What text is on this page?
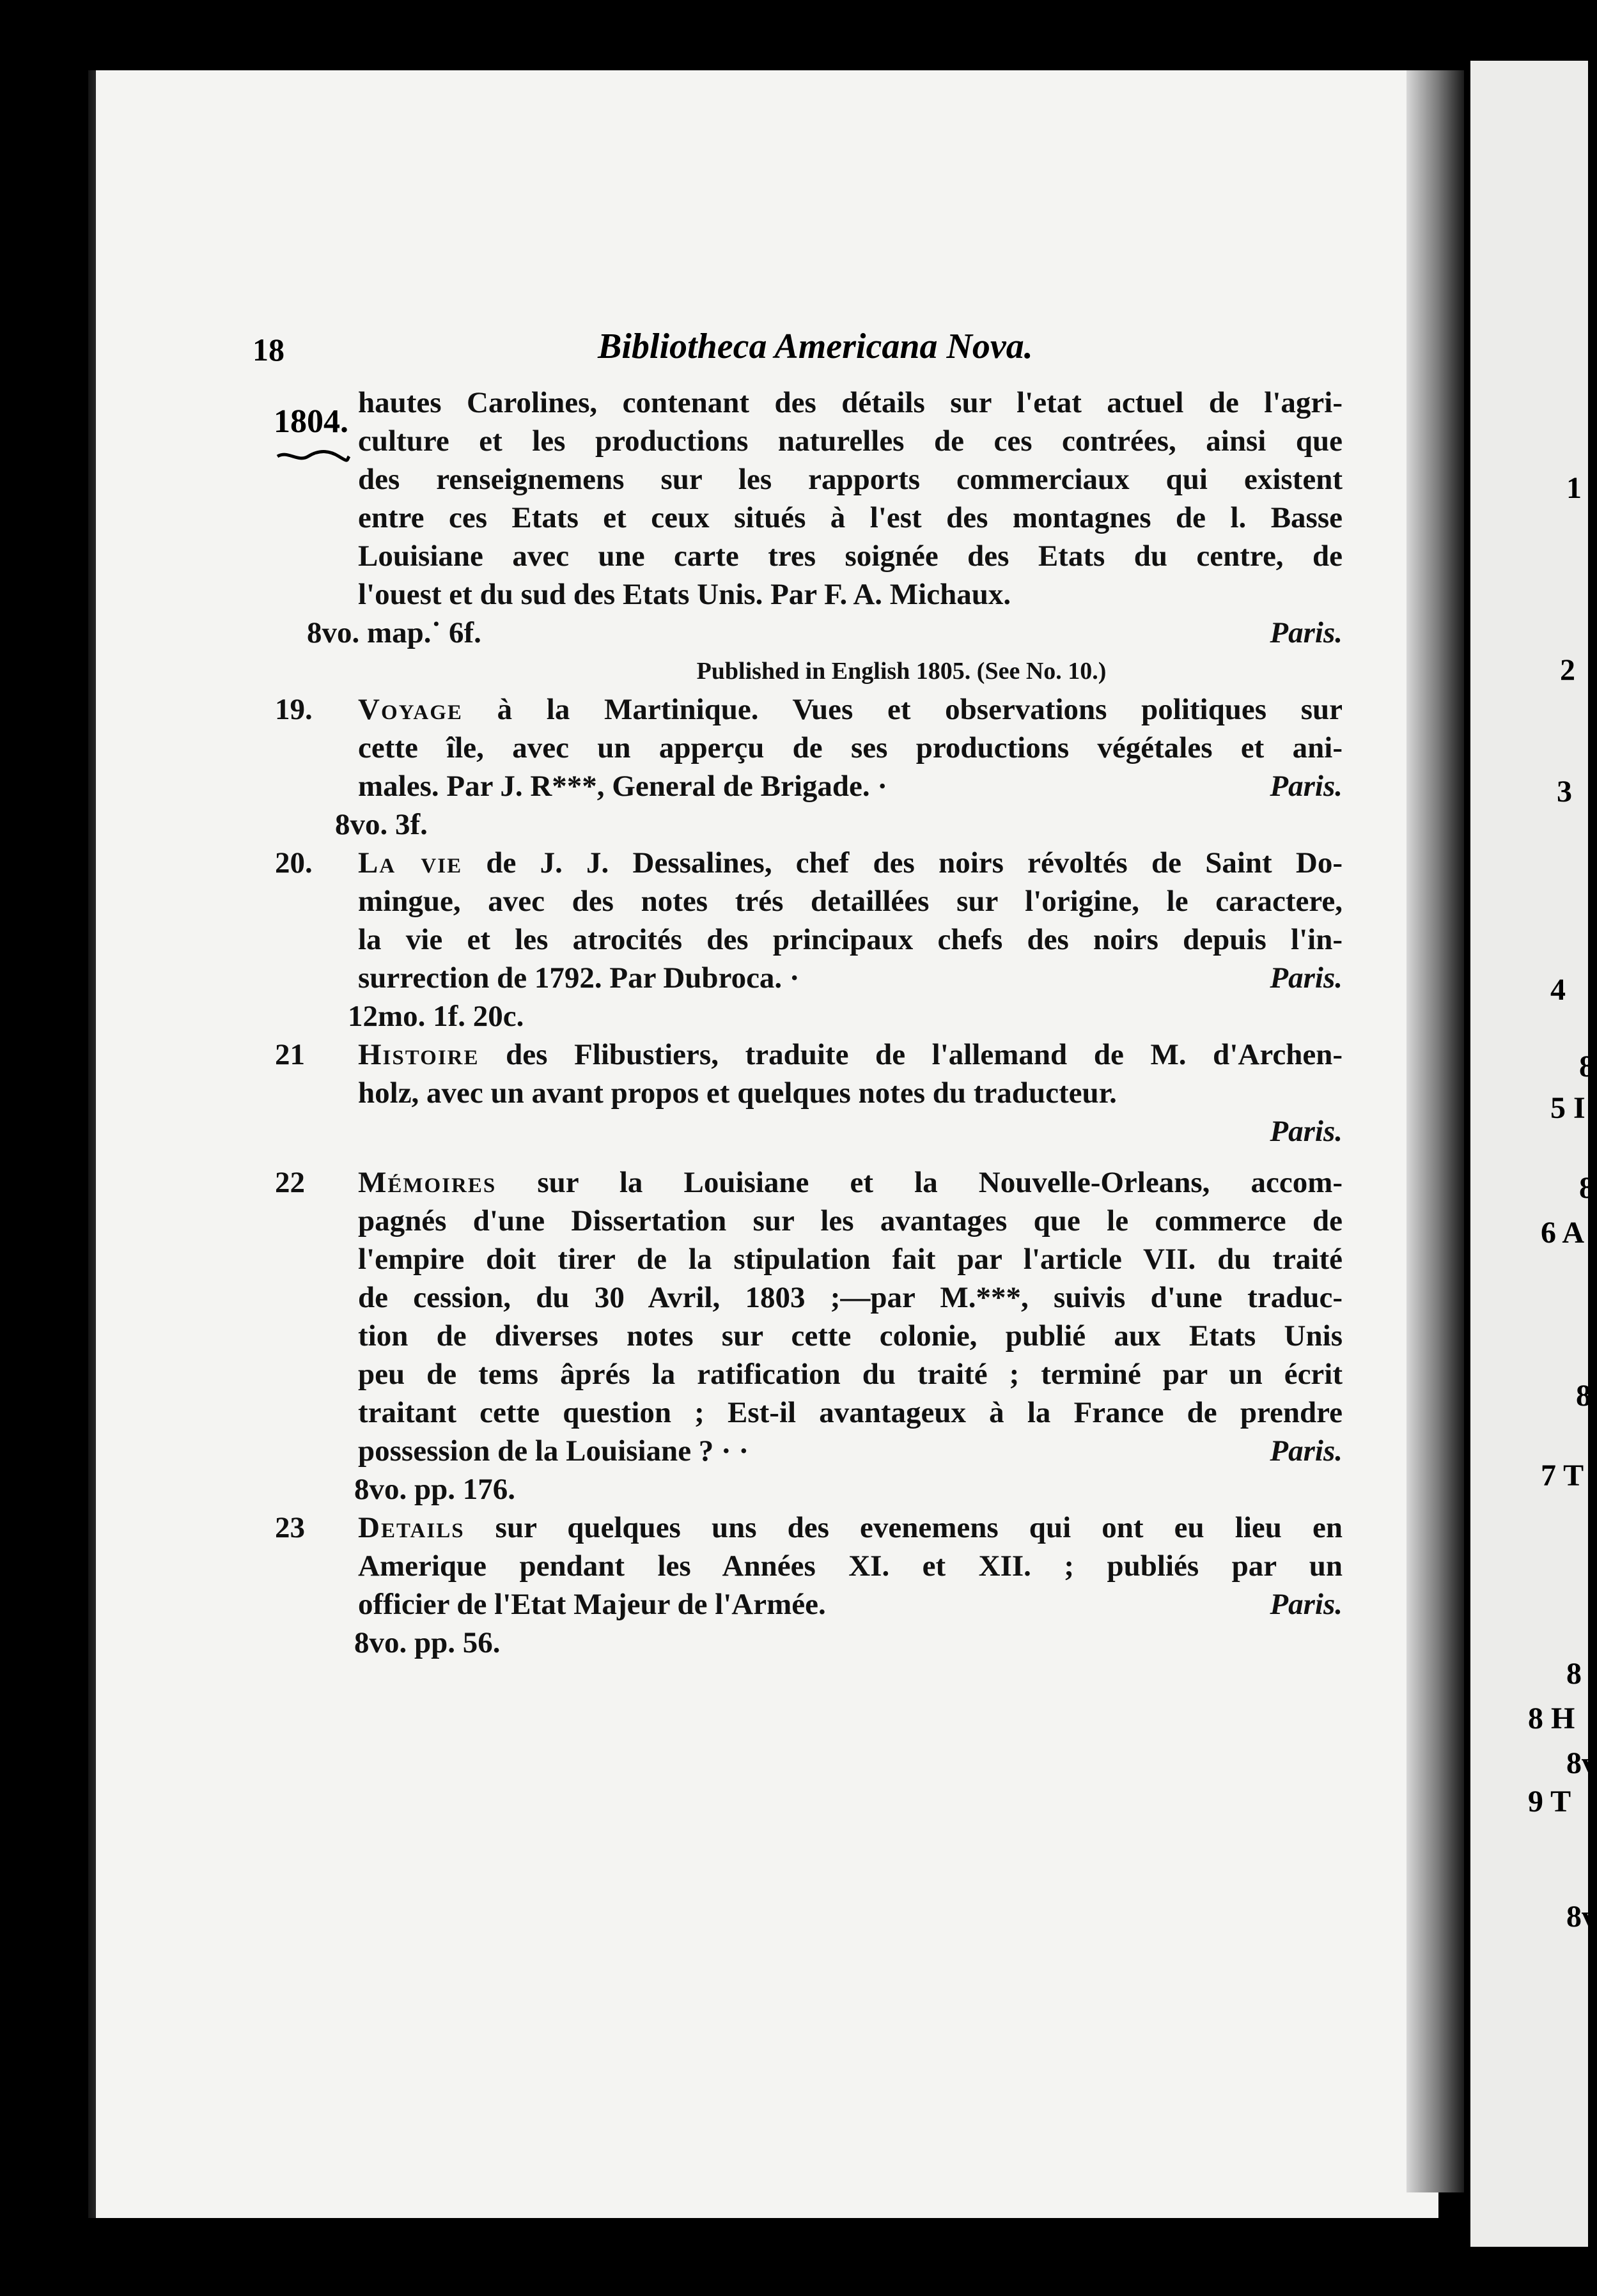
1
2
3
4
8
5 I
8
6 A
8
7 T
8
8 H
8v
9 T
8v
18	Bibliotheca Americana Nova.
1804.
hautes Carolines, contenant des détails sur l'etat actuel de l'agri-
culture et les productions naturelles de ces contrées, ainsi que
des renseignemens sur les rapports commerciaux qui existent
entre ces Etats et ceux situés à l'est des montagnes de l. Basse
Louisiane avec une carte tres soignée des Etats du centre, de
l'ouest et du sud des Etats Unis. Par F. A. Michaux.
8vo. map.˙ 6f.	Paris.
Published in English 1805. (See No. 10.)
19. Voyage à la Martinique. Vues et observations politiques sur
cette île, avec un apperçu de ses productions végétales et ani-
males. Par J. R***, General de Brigade. ·	Paris.
8vo. 3f.
20. La vie de J. J. Dessalines, chef des noirs révoltés de Saint Do-
mingue, avec des notes trés detaillées sur l'origine, le caractere,
la vie et les atrocités des principaux chefs des noirs depuis l'in-
surrection de 1792. Par Dubroca. ·	Paris.
12mo. 1f. 20c.
21 Histoire des Flibustiers, traduite de l'allemand de M. d'Archen-
holz, avec un avant propos et quelques notes du traducteur.
Paris.
22 Mémoires sur la Louisiane et la Nouvelle-Orleans, accom-
pagnés d'une Dissertation sur les avantages que le commerce de
l'empire doit tirer de la stipulation fait par l'article VII. du traité
de cession, du 30 Avril, 1803 ;—par M.***, suivis d'une traduc-
tion de diverses notes sur cette colonie, publié aux Etats Unis
peu de tems âprés la ratification du traité ; terminé par un écrit
traitant cette question ; Est-il avantageux à la France de prendre
possession de la Louisiane ? · ·	Paris.
8vo. pp. 176.
23 Details sur quelques uns des evenemens qui ont eu lieu en
Amerique pendant les Années XI. et XII. ; publiés par un
officier de l'Etat Majeur de l'Armée.	Paris.
8vo. pp. 56.
